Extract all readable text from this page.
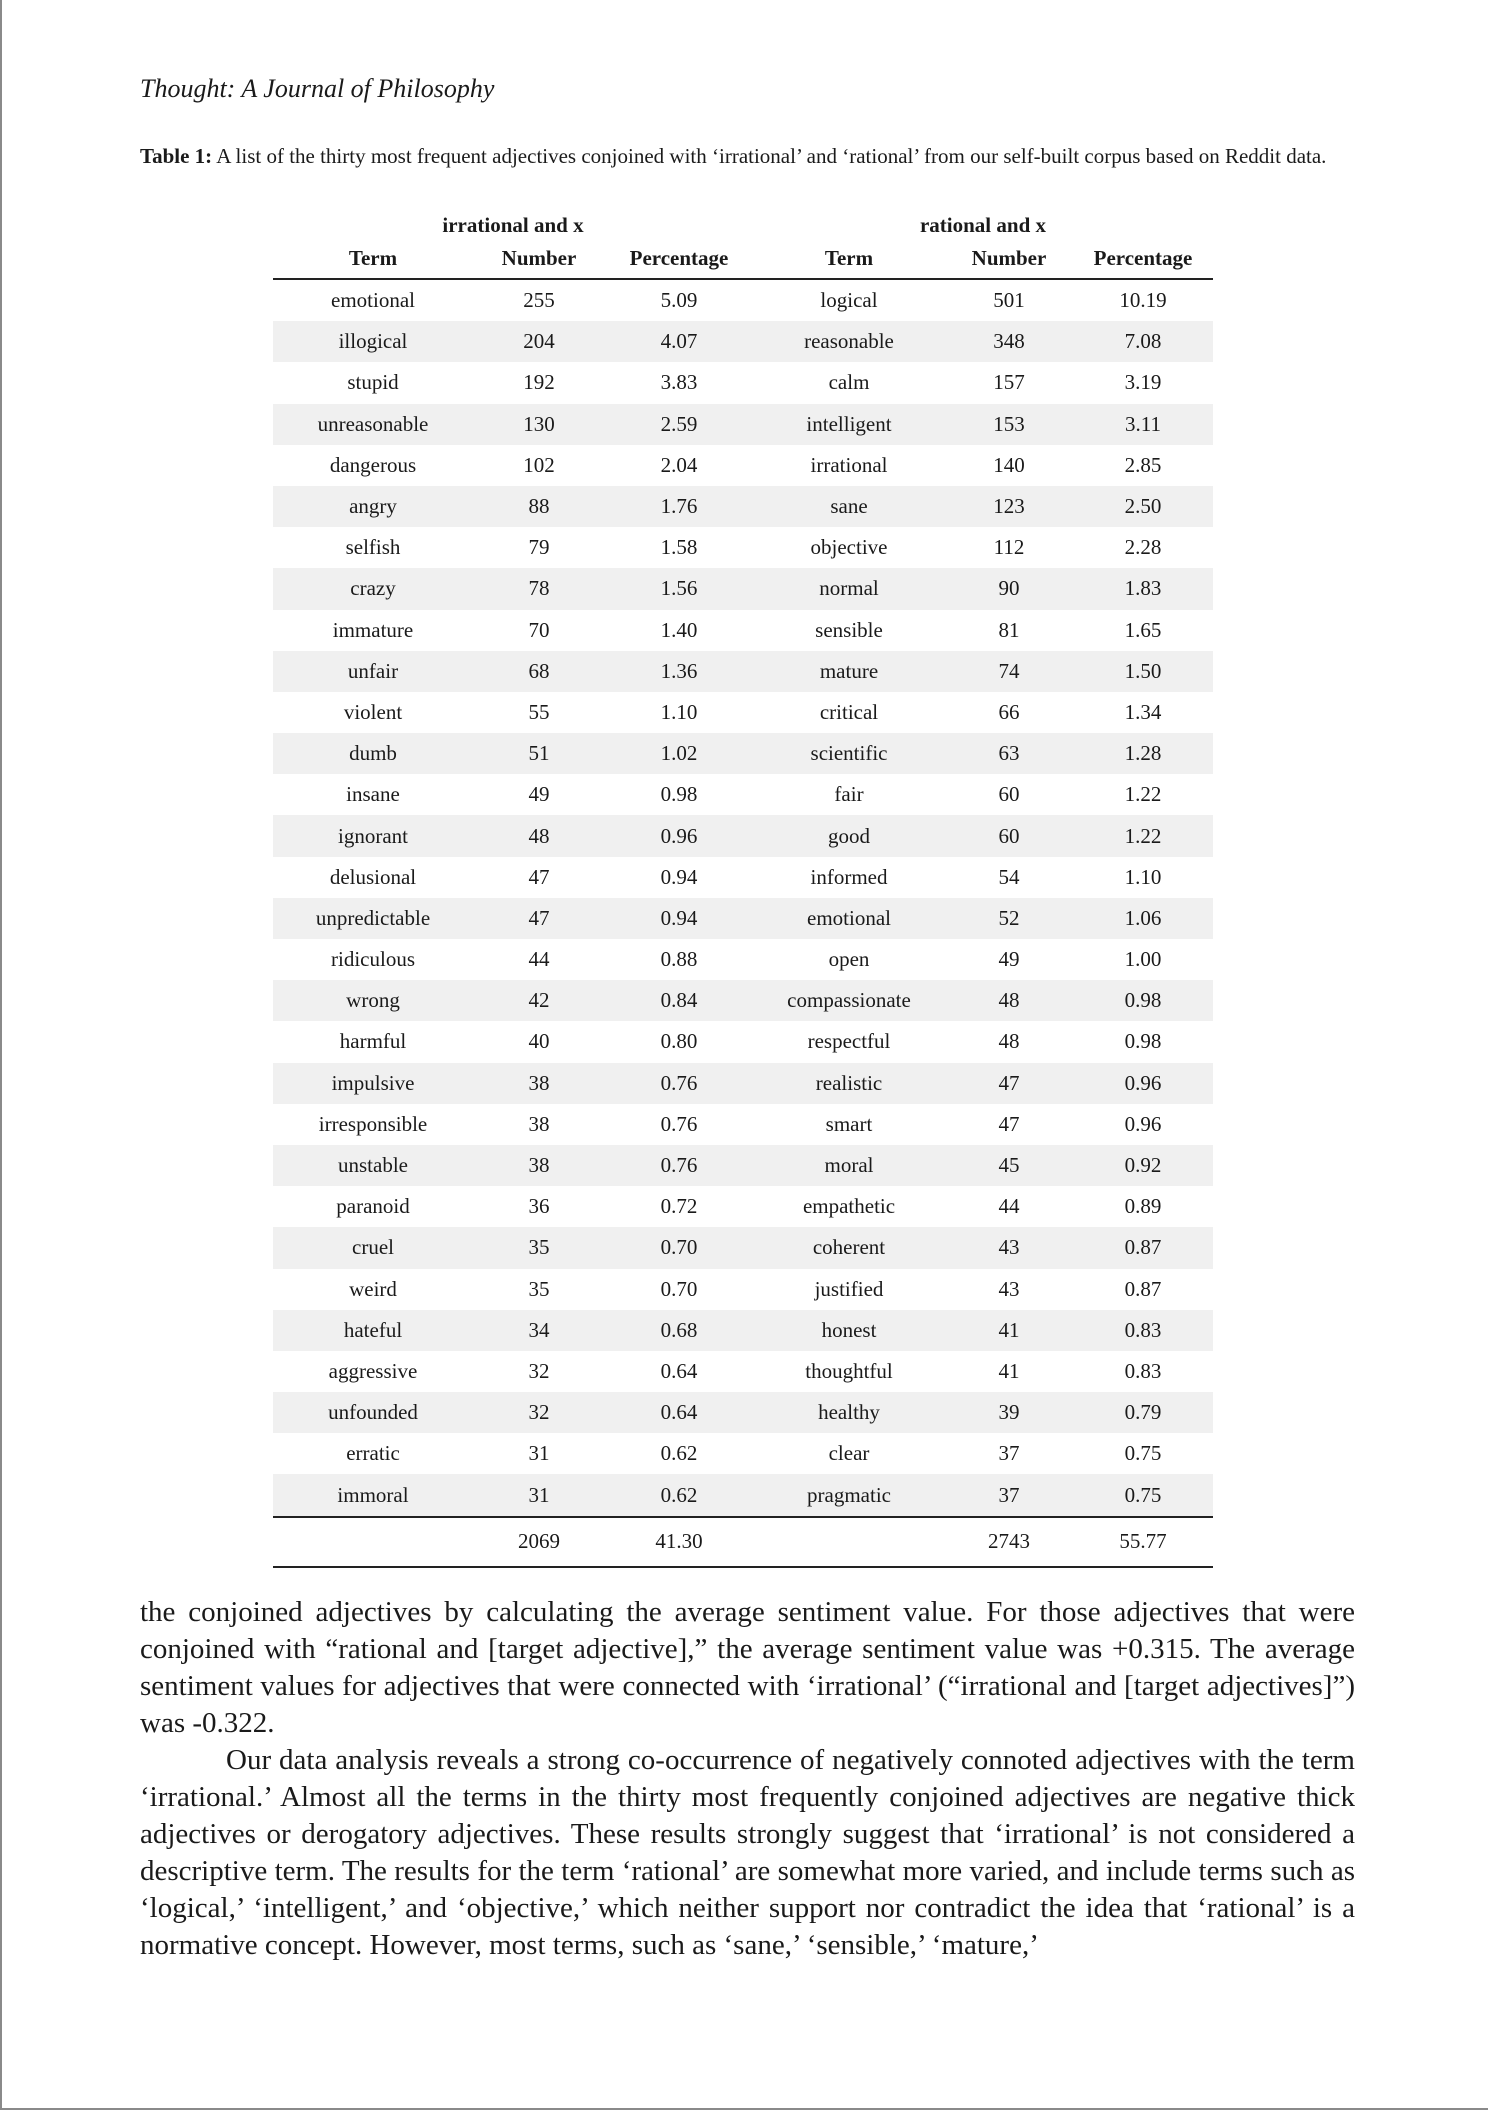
Thought: A Journal of Philosophy
Table 1: A list of the thirty most frequent adjectives conjoined with ‘irrational’ and ‘rational’ from our self-built corpus based on Reddit data.
irrational and x			rational and x		
Term	Number	Percentage	Term	Number	Percentage
emotional	255	5.09	logical	501	10.19
illogical	204	4.07	reasonable	348	7.08
stupid	192	3.83	calm	157	3.19
unreasonable	130	2.59	intelligent	153	3.11
dangerous	102	2.04	irrational	140	2.85
angry	88	1.76	sane	123	2.50
selfish	79	1.58	objective	112	2.28
crazy	78	1.56	normal	90	1.83
immature	70	1.40	sensible	81	1.65
unfair	68	1.36	mature	74	1.50
violent	55	1.10	critical	66	1.34
dumb	51	1.02	scientific	63	1.28
insane	49	0.98	fair	60	1.22
ignorant	48	0.96	good	60	1.22
delusional	47	0.94	informed	54	1.10
unpredictable	47	0.94	emotional	52	1.06
ridiculous	44	0.88	open	49	1.00
wrong	42	0.84	compassionate	48	0.98
harmful	40	0.80	respectful	48	0.98
impulsive	38	0.76	realistic	47	0.96
irresponsible	38	0.76	smart	47	0.96
unstable	38	0.76	moral	45	0.92
paranoid	36	0.72	empathetic	44	0.89
cruel	35	0.70	coherent	43	0.87
weird	35	0.70	justified	43	0.87
hateful	34	0.68	honest	41	0.83
aggressive	32	0.64	thoughtful	41	0.83
unfounded	32	0.64	healthy	39	0.79
erratic	31	0.62	clear	37	0.75
immoral	31	0.62	pragmatic	37	0.75
	2069	41.30		2743	55.77

the conjoined adjectives by calculating the average sentiment value. For those adjectives that were conjoined with “rational and [target adjective],” the average sentiment value was +0.315. The average sentiment values for adjectives that were connected with ‘irrational’ (“irrational and [target adjectives]”) was -0.322.

Our data analysis reveals a strong co-occurrence of negatively connoted adjectives with the term ‘irrational.’ Almost all the terms in the thirty most frequently conjoined adjectives are negative thick adjectives or derogatory adjectives. These results strongly suggest that ‘irrational’ is not considered a descriptive term. The results for the term ‘rational’ are somewhat more varied, and include terms such as ‘logical,’ ‘intelligent,’ and ‘objective,’ which neither support nor contradict the idea that ‘rational’ is a normative concept. However, most terms, such as ‘sane,’ ‘sensible,’ ‘mature,’
